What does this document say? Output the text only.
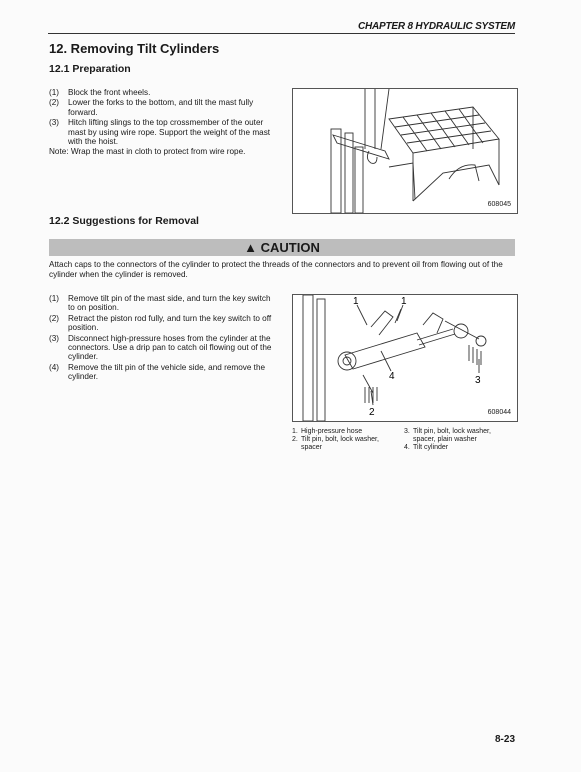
CHAPTER 8 HYDRAULIC SYSTEM
12. Removing Tilt Cylinders
12.1 Preparation
(1)	Block the front wheels.
(2)	Lower the forks to the bottom, and tilt the mast fully forward.
(3)	Hitch lifting slings to the top crossmember of the outer mast by using wire rope. Support the weight of the mast with the hoist.
Note: Wrap the mast in cloth to protect from wire rope.
608045
12.2 Suggestions for Removal
▲ CAUTION
Attach caps to the connectors of the cylinder to protect the threads of the connectors and to prevent oil from flowing out of the cylinder when the cylinder is removed.
(1)	Remove tilt pin of the mast side, and turn the key switch to on position.
(2)	Retract the piston rod fully, and turn the key switch to off position.
(3)	Disconnect high-pressure hoses from the cylinder at the connectors. Use a drip pan to catch oil flowing out of the cylinder.
(4)	Remove the tilt pin of the vehicle side, and remove the cylinder.
1	1
2
3
4
608044
1. High-pressure hose
2. Tilt pin, bolt, lock washer, spacer
3. Tilt pin, bolt, lock washer, spacer, plain washer
4. Tilt cylinder
8-23
